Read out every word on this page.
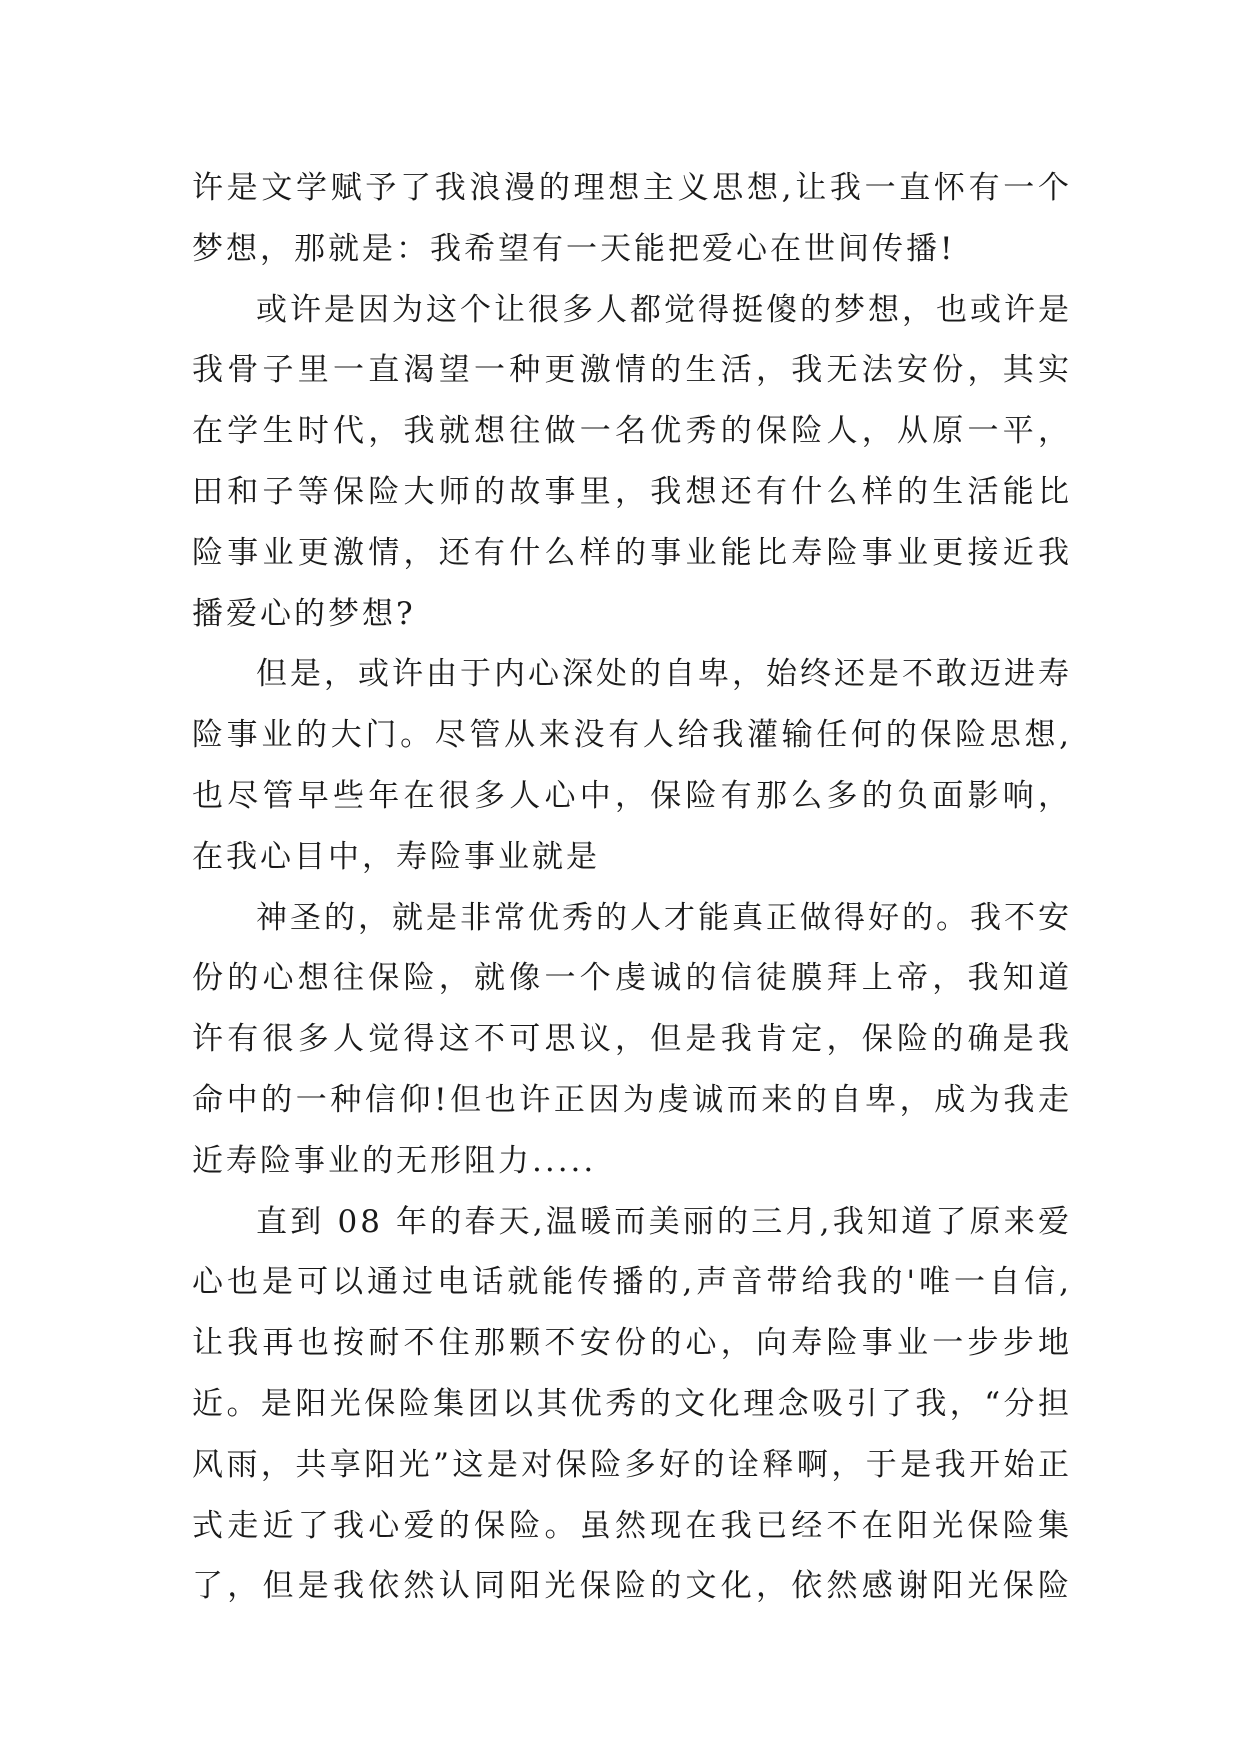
许是文学赋予了我浪漫的理想主义思想,让我一直怀有一个
梦想，那就是：我希望有一天能把爱心在世间传播!
或许是因为这个让很多人都觉得挺傻的梦想，也或许是
我骨子里一直渴望一种更激情的生活，我无法安份，其实
在学生时代，我就想往做一名优秀的保险人，从原一平，
田和子等保险大师的故事里，我想还有什么样的生活能比
险事业更激情，还有什么样的事业能比寿险事业更接近我
播爱心的梦想?
但是，或许由于内心深处的自卑，始终还是不敢迈进寿
险事业的大门。尽管从来没有人给我灌输任何的保险思想,
也尽管早些年在很多人心中，保险有那么多的负面影响，
在我心目中，寿险事业就是
神圣的，就是非常优秀的人才能真正做得好的。我不安
份的心想往保险，就像一个虔诚的信徒膜拜上帝，我知道
许有很多人觉得这不可思议，但是我肯定，保险的确是我
命中的一种信仰!但也许正因为虔诚而来的自卑，成为我走
近寿险事业的无形阻力.....
直到 08 年的春天,温暖而美丽的三月,我知道了原来爱
心也是可以通过电话就能传播的,声音带给我的'唯一自信,
让我再也按耐不住那颗不安份的心，向寿险事业一步步地
近。是阳光保险集团以其优秀的文化理念吸引了我，“分担
风雨，共享阳光”这是对保险多好的诠释啊，于是我开始正
式走近了我心爱的保险。虽然现在我已经不在阳光保险集
了，但是我依然认同阳光保险的文化，依然感谢阳光保险
